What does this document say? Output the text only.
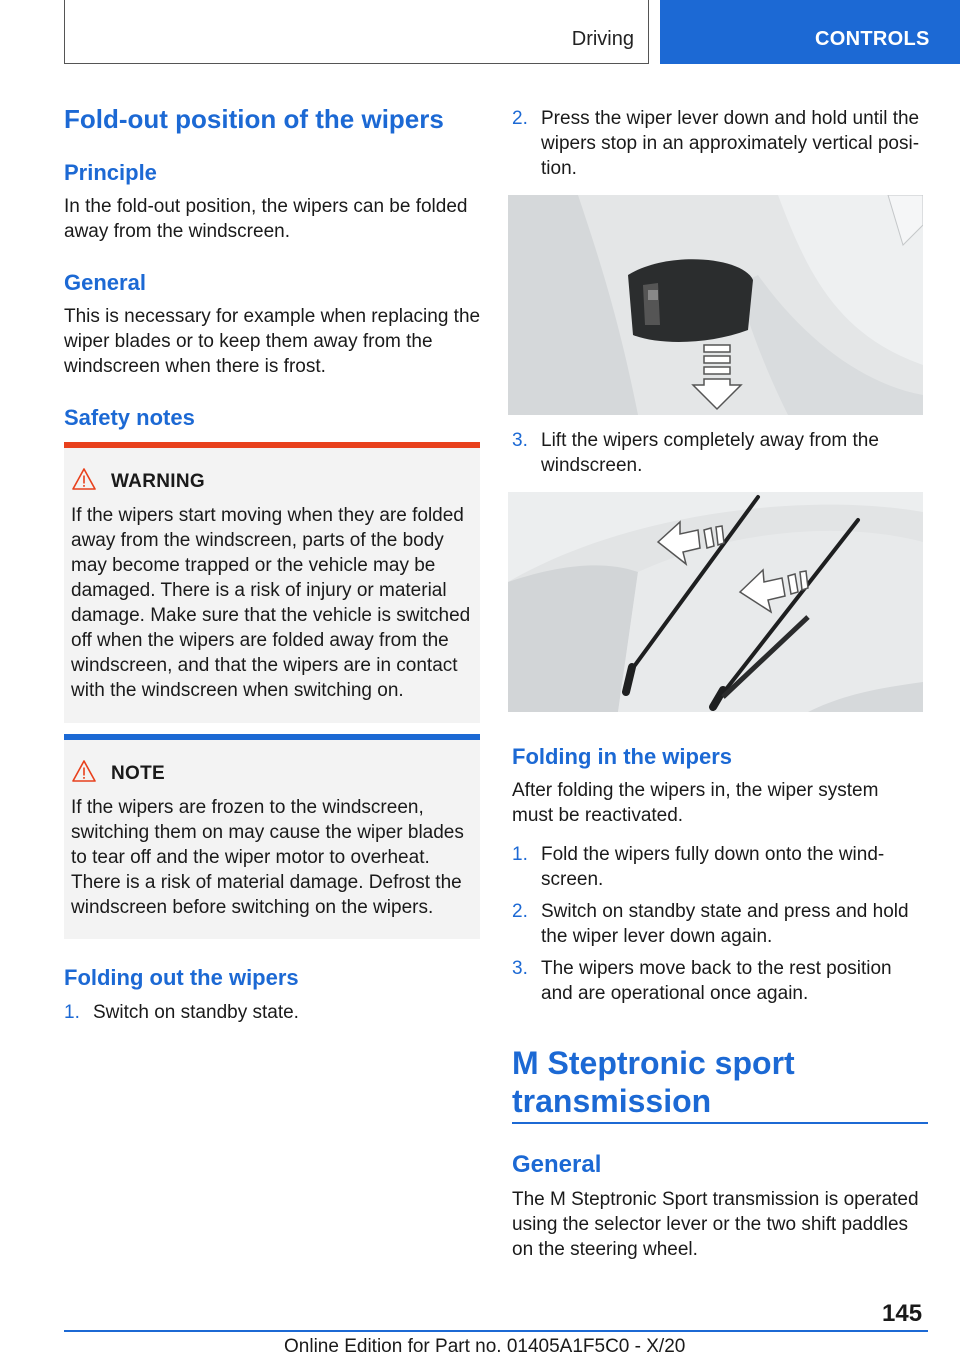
Driving	CONTROLS
Fold-out position of the wipers
Principle
In the fold-out position, the wipers can be folded
away from the windscreen.
General
This is necessary for example when replacing the
wiper blades or to keep them away from the
windscreen when there is frost.
Safety notes
WARNING
If the wipers start moving when they are folded
away from the windscreen, parts of the body
may become trapped or the vehicle may be
damaged. There is a risk of injury or material
damage. Make sure that the vehicle is switched
off when the wipers are folded away from the
windscreen, and that the wipers are in contact
with the windscreen when switching on.
NOTE
If the wipers are frozen to the windscreen,
switching them on may cause the wiper blades
to tear off and the wiper motor to overheat.
There is a risk of material damage. Defrost the
windscreen before switching on the wipers.
Folding out the wipers
1. Switch on standby state.
2. Press the wiper lever down and hold until the
wipers stop in an approximately vertical posi‐
tion.
3. Lift the wipers completely away from the
windscreen.
Folding in the wipers
After folding the wipers in, the wiper system
must be reactivated.
1. Fold the wipers fully down onto the wind‐
screen.
2. Switch on standby state and press and hold
the wiper lever down again.
3. The wipers move back to the rest position
and are operational once again.
M Steptronic sport
transmission
General
The M Steptronic Sport transmission is operated
using the selector lever or the two shift paddles
on the steering wheel.
145
Online Edition for Part no. 01405A1F5C0 - X/20
